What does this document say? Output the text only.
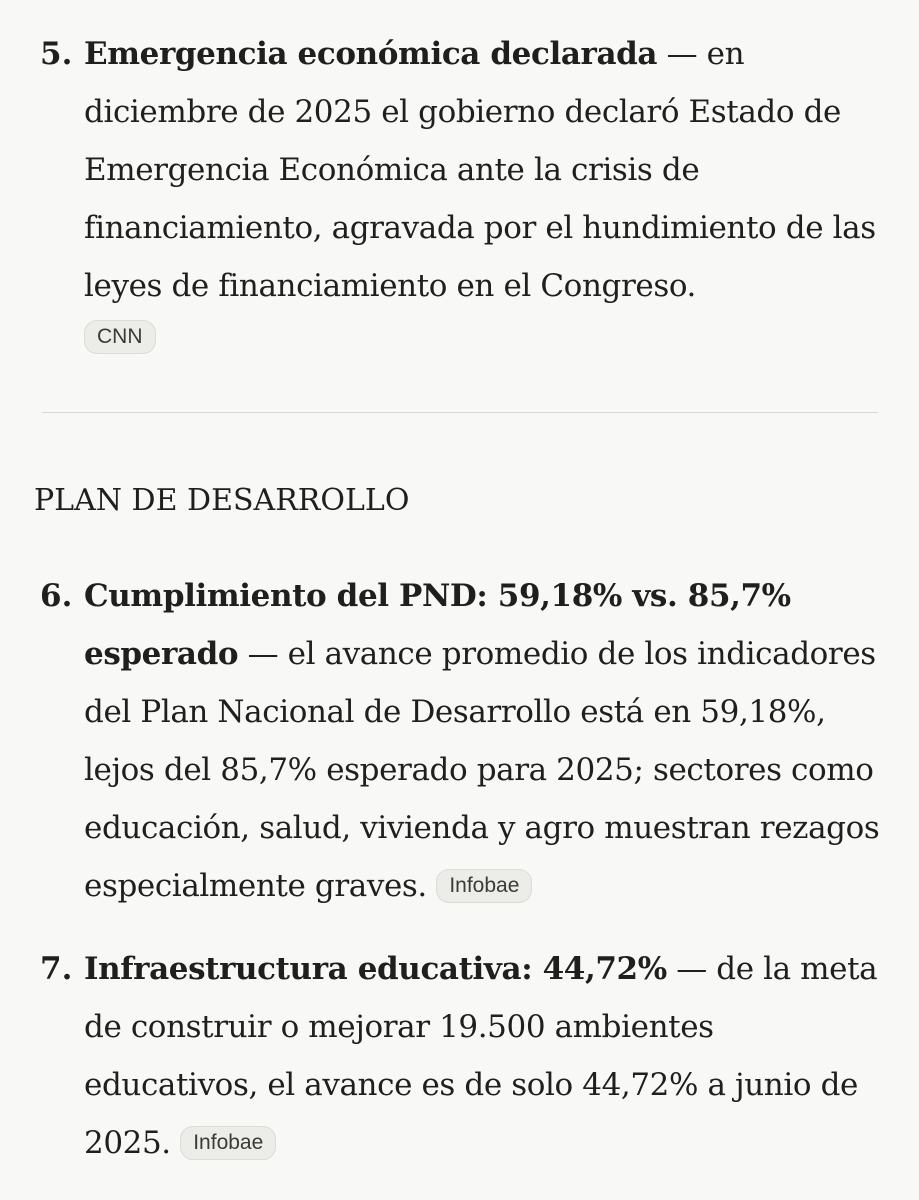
5. Emergencia económica declarada — en diciembre de 2025 el gobierno declaró Estado de Emergencia Económica ante la crisis de financiamiento, agravada por el hundimiento de las leyes de financiamiento en el Congreso.
CNN
PLAN DE DESARROLLO
6. Cumplimiento del PND: 59,18% vs. 85,7% esperado — el avance promedio de los indicadores del Plan Nacional de Desarrollo está en 59,18%, lejos del 85,7% esperado para 2025; sectores como educación, salud, vivienda y agro muestran rezagos especialmente graves. Infobae
7. Infraestructura educativa: 44,72% — de la meta de construir o mejorar 19.500 ambientes educativos, el avance es de solo 44,72% a junio de 2025. Infobae
